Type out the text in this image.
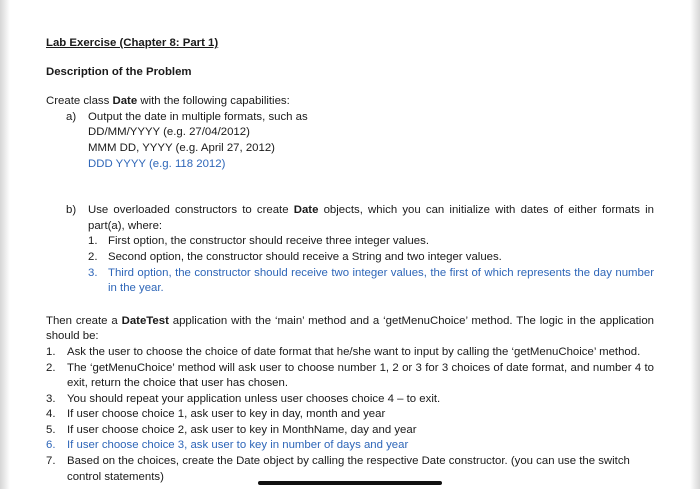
Lab Exercise (Chapter 8: Part 1)

Description of the Problem

Create class Date with the following capabilities:

a)	Output the date in multiple formats, such as
DD/MM/YYYY (e.g. 27/04/2012)
MMM DD, YYYY (e.g. April 27, 2012)
DDD YYYY (e.g. 118 2012)
b)	Use overloaded constructors to create Date objects, which you can initialize with dates of either formats in part(a), where:
1. First option, the constructor should receive three integer values.
2. Second option, the constructor should receive a String and two integer values.
3. Third option, the constructor should receive two integer values, the first of which represents the day number in the year.

Then create a DateTest application with the ‘main’ method and a ‘getMenuChoice’ method. The logic in the application should be:

1.	Ask the user to choose the choice of date format that he/she want to input by calling the ‘getMenuChoice’ method.
2.	The ‘getMenuChoice’ method will ask user to choose number 1, 2 or 3 for 3 choices of date format, and number 4 to exit, return the choice that user has chosen.
3.	You should repeat your application unless user chooses choice 4 – to exit.
4.	If user choose choice 1, ask user to key in day, month and year
5.	If user choose choice 2, ask user to key in MonthName, day and year
6.	If user choose choice 3, ask user to key in number of days and year
7.	Based on the choices, create the Date object by calling the respective Date constructor. (you can use the switch control statements)
